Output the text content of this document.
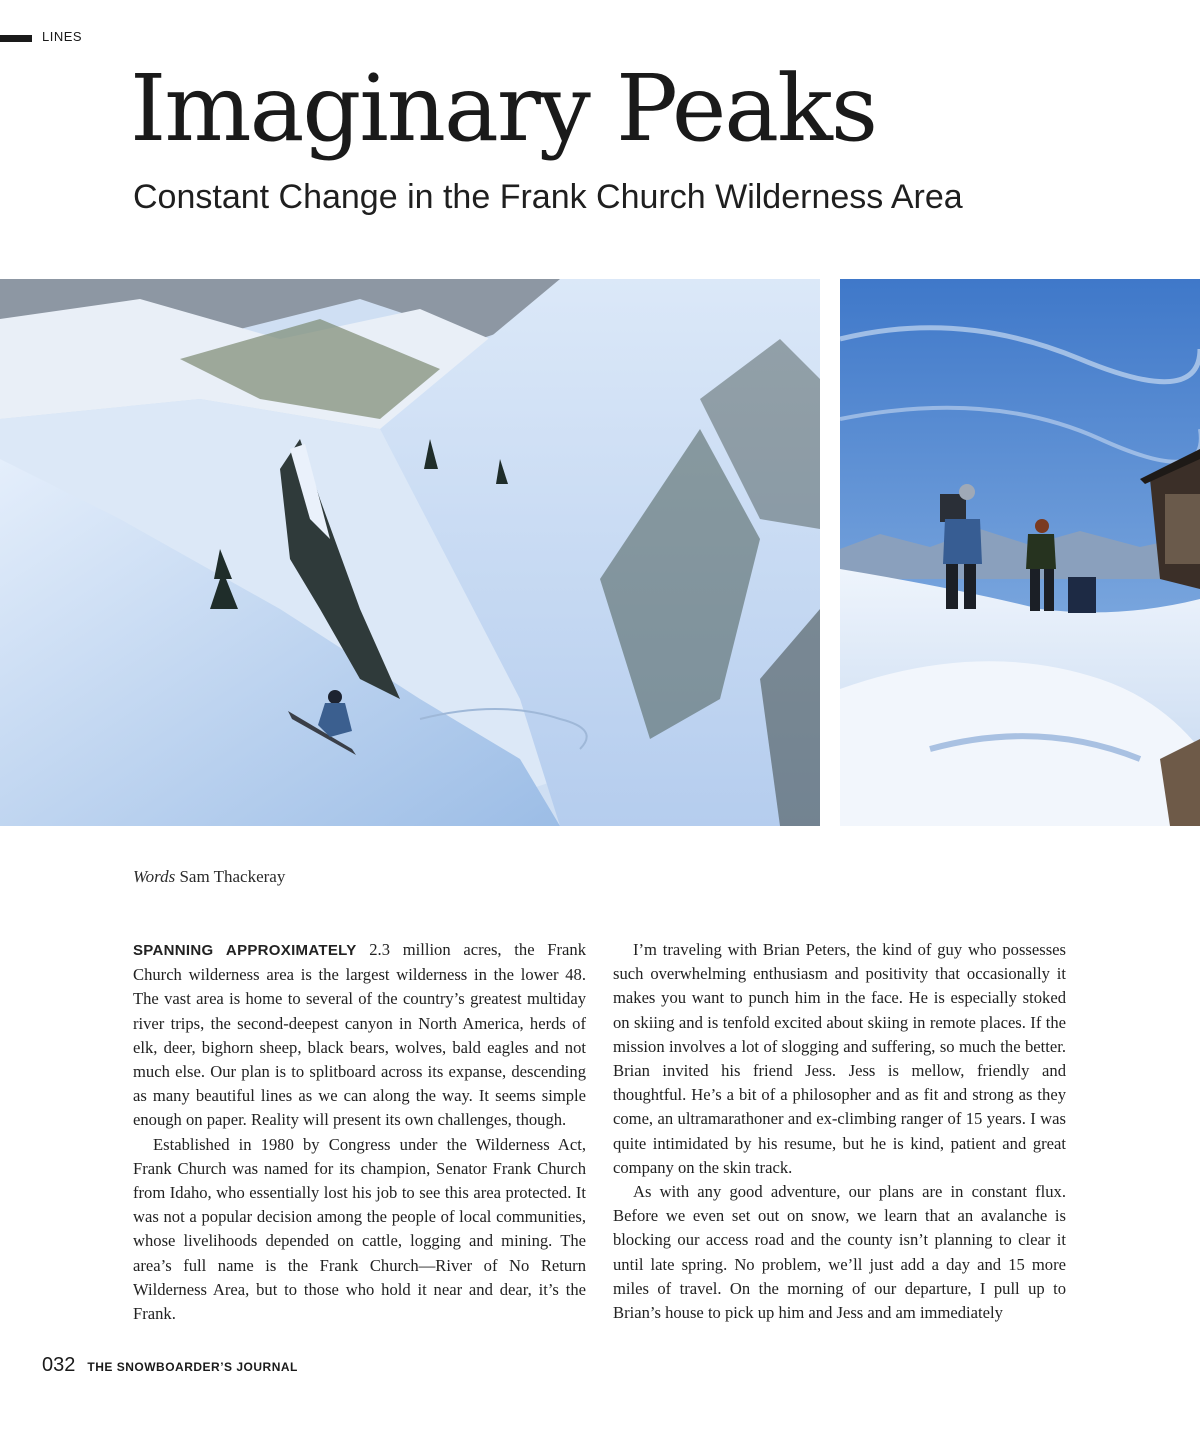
LINES
Imaginary Peaks
Constant Change in the Frank Church Wilderness Area
Words Sam Thackeray

SPANNING APPROXIMATELY 2.3 million acres, the Frank Church wilderness area is the largest wilderness in the lower 48. The vast area is home to several of the country’s greatest multiday river trips, the second-deepest canyon in North America, herds of elk, deer, bighorn sheep, black bears, wolves, bald eagles and not much else. Our plan is to splitboard across its expanse, descending as many beautiful lines as we can along the way. It seems simple enough on paper. Reality will present its own challenges, though.

Established in 1980 by Congress under the Wilderness Act, Frank Church was named for its champion, Senator Frank Church from Idaho, who essentially lost his job to see this area protected. It was not a popular decision among the people of local communities, whose livelihoods depended on cattle, logging and mining. The area’s full name is the Frank Church—River of No Return Wilderness Area, but to those who hold it near and dear, it’s the Frank.

I’m traveling with Brian Peters, the kind of guy who possesses such overwhelming enthusiasm and positivity that occasionally it makes you want to punch him in the face. He is especially stoked on skiing and is tenfold excited about skiing in remote places. If the mission involves a lot of slogging and suffering, so much the better. Brian invited his friend Jess. Jess is mellow, friendly and thoughtful. He’s a bit of a philosopher and as fit and strong as they come, an ultramarathoner and ex-climbing ranger of 15 years. I was quite intimidated by his resume, but he is kind, patient and great company on the skin track.

As with any good adventure, our plans are in constant flux. Before we even set out on snow, we learn that an avalanche is blocking our access road and the county isn’t planning to clear it until late spring. No problem, we’ll just add a day and 15 more miles of travel. On the morning of our departure, I pull up to Brian’s house to pick up him and Jess and am immediately

032 THE SNOWBOARDER’S JOURNAL
